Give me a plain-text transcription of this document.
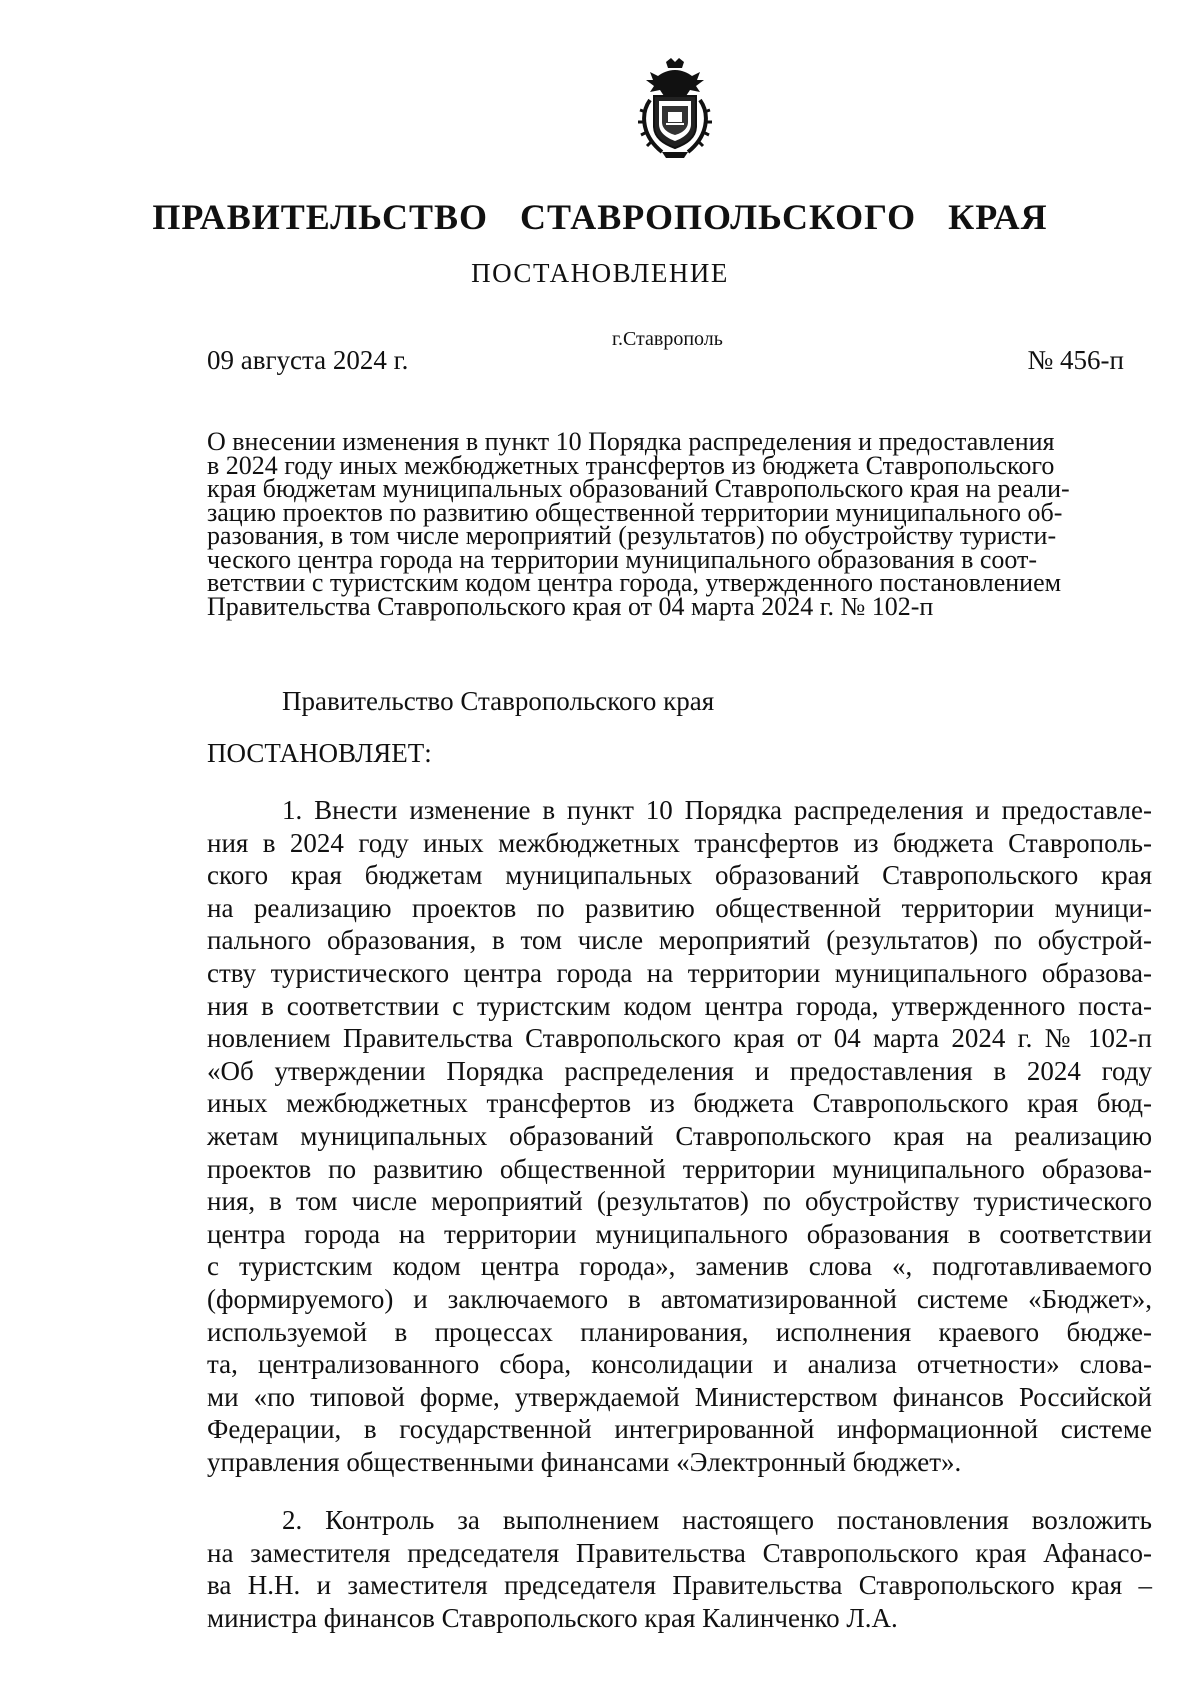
ПРАВИТЕЛЬСТВО СТАВРОПОЛЬСКОГО КРАЯ
ПОСТАНОВЛЕНИЕ
г.Ставрополь
09 августа 2024 г.	№ 456-п
О внесении изменения в пункт 10 Порядка распределения и предоставления
в 2024 году иных межбюджетных трансфертов из бюджета Ставропольского
края бюджетам муниципальных образований Ставропольского края на реали-
зацию проектов по развитию общественной территории муниципального об-
разования, в том числе мероприятий (результатов) по обустройству туристи-
ческого центра города на территории муниципального образования в соот-
ветствии с туристским кодом центра города, утвержденного постановлением
Правительства Ставропольского края от 04 марта 2024 г. № 102-п
Правительство Ставропольского края
ПОСТАНОВЛЯЕТ:
1. Внести изменение в пункт 10 Порядка распределения и предоставле-
ния в 2024 году иных межбюджетных трансфертов из бюджета Ставрополь-
ского края бюджетам муниципальных образований Ставропольского края
на реализацию проектов по развитию общественной территории муници-
пального образования, в том числе мероприятий (результатов) по обустрой-
ству туристического центра города на территории муниципального образова-
ния в соответствии с туристским кодом центра города, утвержденного поста-
новлением Правительства Ставропольского края от 04 марта 2024 г. № 102-п
«Об утверждении Порядка распределения и предоставления в 2024 году
иных межбюджетных трансфертов из бюджета Ставропольского края бюд-
жетам муниципальных образований Ставропольского края на реализацию
проектов по развитию общественной территории муниципального образова-
ния, в том числе мероприятий (результатов) по обустройству туристического
центра города на территории муниципального образования в соответствии
с туристским кодом центра города», заменив слова «, подготавливаемого
(формируемого) и заключаемого в автоматизированной системе «Бюджет»,
используемой в процессах планирования, исполнения краевого бюдже-
та, централизованного сбора, консолидации и анализа отчетности» слова-
ми «по типовой форме, утверждаемой Министерством финансов Российской
Федерации, в государственной интегрированной информационной системе
управления общественными финансами «Электронный бюджет».
2. Контроль за выполнением настоящего постановления возложить
на заместителя председателя Правительства Ставропольского края Афанасо-
ва Н.Н. и заместителя председателя Правительства Ставропольского края –
министра финансов Ставропольского края Калинченко Л.А.
